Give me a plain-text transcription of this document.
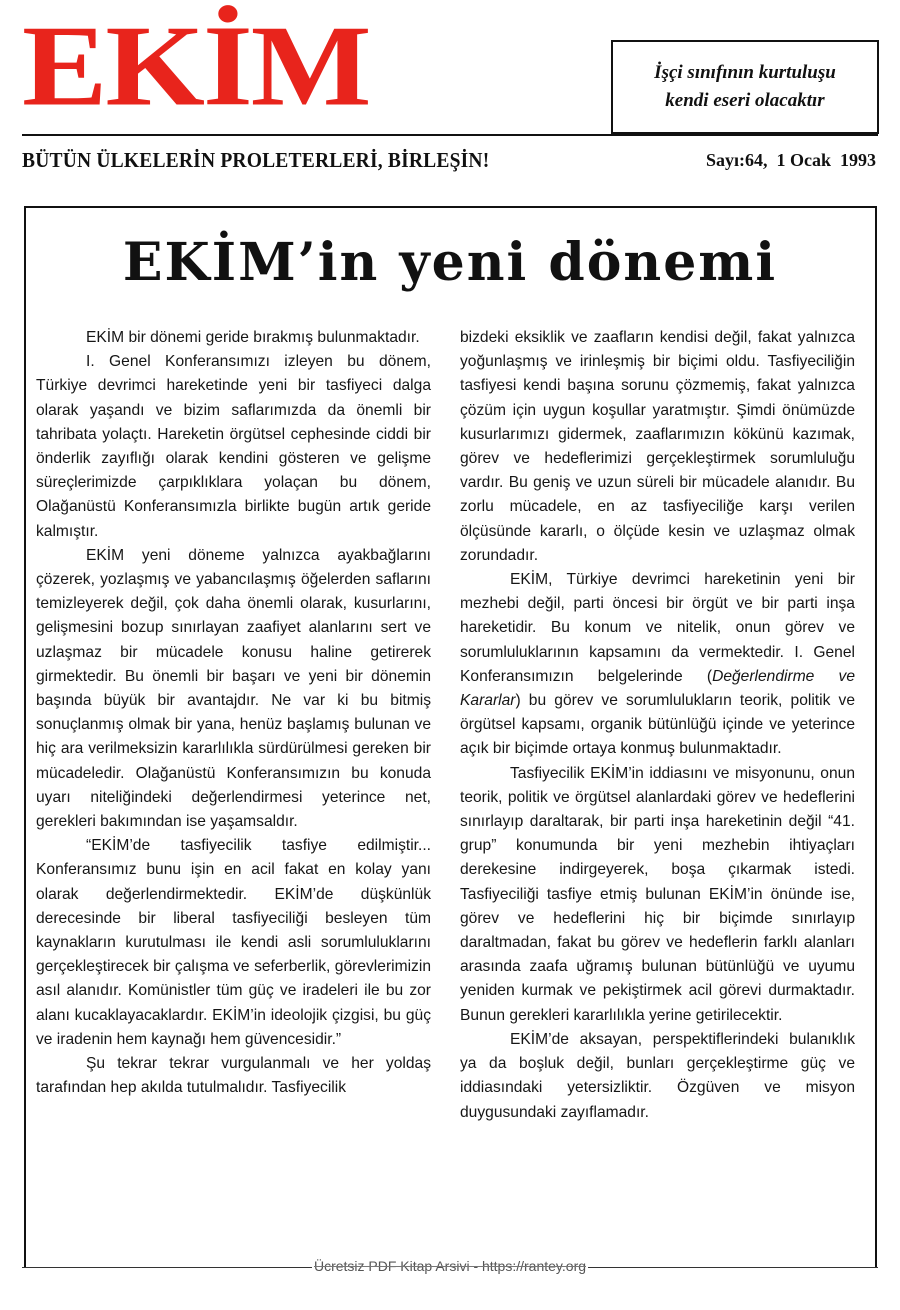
EKİM	İşçi sınıfının kurtuluşu
kendi eseri olacaktır
BÜTÜN ÜLKELERİN PROLETERLERİ, BİRLEŞİN!	Sayı:64,  1 Ocak  1993
EKİM’in yeni dönemi

EKİM bir dönemi geride bırakmış bulunmaktadır.

I. Genel Konferansımızı izleyen bu dönem, Türkiye devrimci hareketinde yeni bir tasfiyeci dalga olarak yaşandı ve bizim saflarımızda da önemli bir tahribata yolaçtı. Hareketin örgütsel cephesinde ciddi bir önderlik zayıflığı olarak kendini gösteren ve gelişme süreçlerimizde çarpıklıklara yolaçan bu dönem, Olağanüstü Konferansımızla birlikte bugün artık geride kalmıştır.

EKİM yeni döneme yalnızca ayakbağlarını çözerek, yozlaşmış ve yabancılaşmış öğelerden saflarını temizleyerek değil, çok daha önemli olarak, kusurlarını, gelişmesini bozup sınırlayan zaafiyet alanlarını sert ve uzlaşmaz bir mücadele konusu haline getirerek girmektedir. Bu önemli bir başarı ve yeni bir dönemin başında büyük bir avantajdır. Ne var ki bu bitmiş sonuçlanmış olmak bir yana, henüz başlamış bulunan ve hiç ara verilmeksizin kararlılıkla sürdürülmesi gereken bir mücadeledir. Olağanüstü Konferansımızın bu konuda uyarı niteliğindeki değerlendirmesi yeterince net, gerekleri bakımından ise yaşamsaldır.

“EKİM’de tasfiyecilik tasfiye edilmiştir... Konferansımız bunu işin en acil fakat en kolay yanı olarak değerlendirmektedir. EKİM’de düşkünlük derecesinde bir liberal tasfiyeciliği besleyen tüm kaynakların kurutulması ile kendi asli sorumluluklarını gerçekleştirecek bir çalışma ve seferberlik, görevlerimizin asıl alanıdır. Komünistler tüm güç ve iradeleri ile bu zor alanı kucaklayacaklardır. EKİM’in ideolojik çizgisi, bu güç ve iradenin hem kaynağı hem güvencesidir.”

Şu tekrar tekrar vurgulanmalı ve her yoldaş tarafından hep akılda tutulmalıdır. Tasfiyecilik

bizdeki eksiklik ve zaafların kendisi değil, fakat yalnızca yoğunlaşmış ve irinleşmiş bir biçimi oldu. Tasfiyeciliğin tasfiyesi kendi başına sorunu çözmemiş, fakat yalnızca çözüm için uygun koşullar yaratmıştır. Şimdi önümüzde kusurlarımızı gidermek, zaaflarımızın kökünü kazımak, görev ve hedeflerimizi gerçekleştirmek sorumluluğu vardır. Bu geniş ve uzun süreli bir mücadele alanıdır. Bu zorlu mücadele, en az tasfiyeciliğe karşı verilen ölçüsünde kararlı, o ölçüde kesin ve uzlaşmaz olmak zorundadır.

EKİM, Türkiye devrimci hareketinin yeni bir mezhebi değil, parti öncesi bir örgüt ve bir parti inşa hareketidir. Bu konum ve nitelik, onun görev ve sorumluluklarının kapsamını da vermektedir. I. Genel Konferansımızın belgelerinde (Değerlendirme ve Kararlar) bu görev ve sorumlulukların teorik, politik ve örgütsel kapsamı, organik bütünlüğü içinde ve yeterince açık bir biçimde ortaya konmuş bulunmaktadır.

Tasfiyecilik EKİM’in iddiasını ve misyonunu, onun teorik, politik ve örgütsel alanlardaki görev ve hedeflerini sınırlayıp daraltarak, bir parti inşa hareketinin değil “41. grup” konumunda bir yeni mezhebin ihtiyaçları derekesine indirgeyerek, boşa çıkarmak istedi. Tasfiyeciliği tasfiye etmiş bulunan EKİM’in önünde ise, görev ve hedeflerini hiç bir biçimde sınırlayıp daraltmadan, fakat bu görev ve hedeflerin farklı alanları arasında zaafa uğramış bulunan bütünlüğü ve uyumu yeniden kurmak ve pekiştirmek acil görevi durmaktadır. Bunun gerekleri kararlılıkla yerine getirilecektir.

EKİM’de aksayan, perspektiflerindeki bulanıklık ya da boşluk değil, bunları gerçekleştirme güç ve iddiasındaki yetersizliktir. Özgüven ve misyon duygusundaki zayıflamadır.

Ücretsiz PDF Kitap Arsivi - https://rantey.org
